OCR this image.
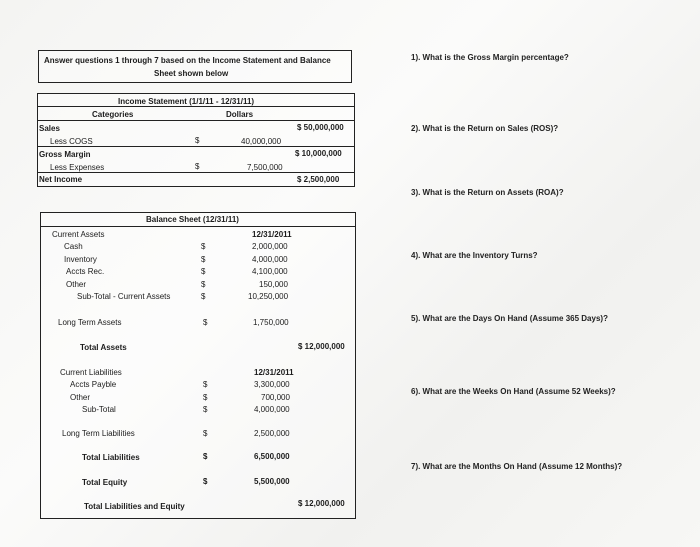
Answer questions 1 through 7 based on the Income Statement and Balance
Sheet shown below
Income Statement (1/1/11 - 12/31/11)
Categories	Dollars
Sales	$ 50,000,000
Less COGS	$	40,000,000
Gross Margin	$ 10,000,000
Less Expenses	$	7,500,000
Net Income	$ 2,500,000
Balance Sheet (12/31/11)
Current Assets	12/31/2011
Cash	$	2,000,000
Inventory	$	4,000,000
Accts Rec.	$	4,100,000
Other	$	150,000
Sub-Total - Current Assets	$	10,250,000
Long Term Assets	$	1,750,000
Total Assets	$ 12,000,000
Current Liabilities	12/31/2011
Accts Payble	$	3,300,000
Other	$	700,000
Sub-Total	$	4,000,000
Long Term Liabilities	$	2,500,000
Total Liabilities	$	6,500,000
Total Equity	$	5,500,000
Total Liabilities and Equity	$ 12,000,000
1). What is the Gross Margin percentage?
2). What is the Return on Sales (ROS)?
3). What is the Return on Assets (ROA)?
4). What are the Inventory Turns?
5). What are the Days On Hand (Assume 365 Days)?
6). What are the Weeks On Hand (Assume 52 Weeks)?
7). What are the Months On Hand (Assume 12 Months)?
